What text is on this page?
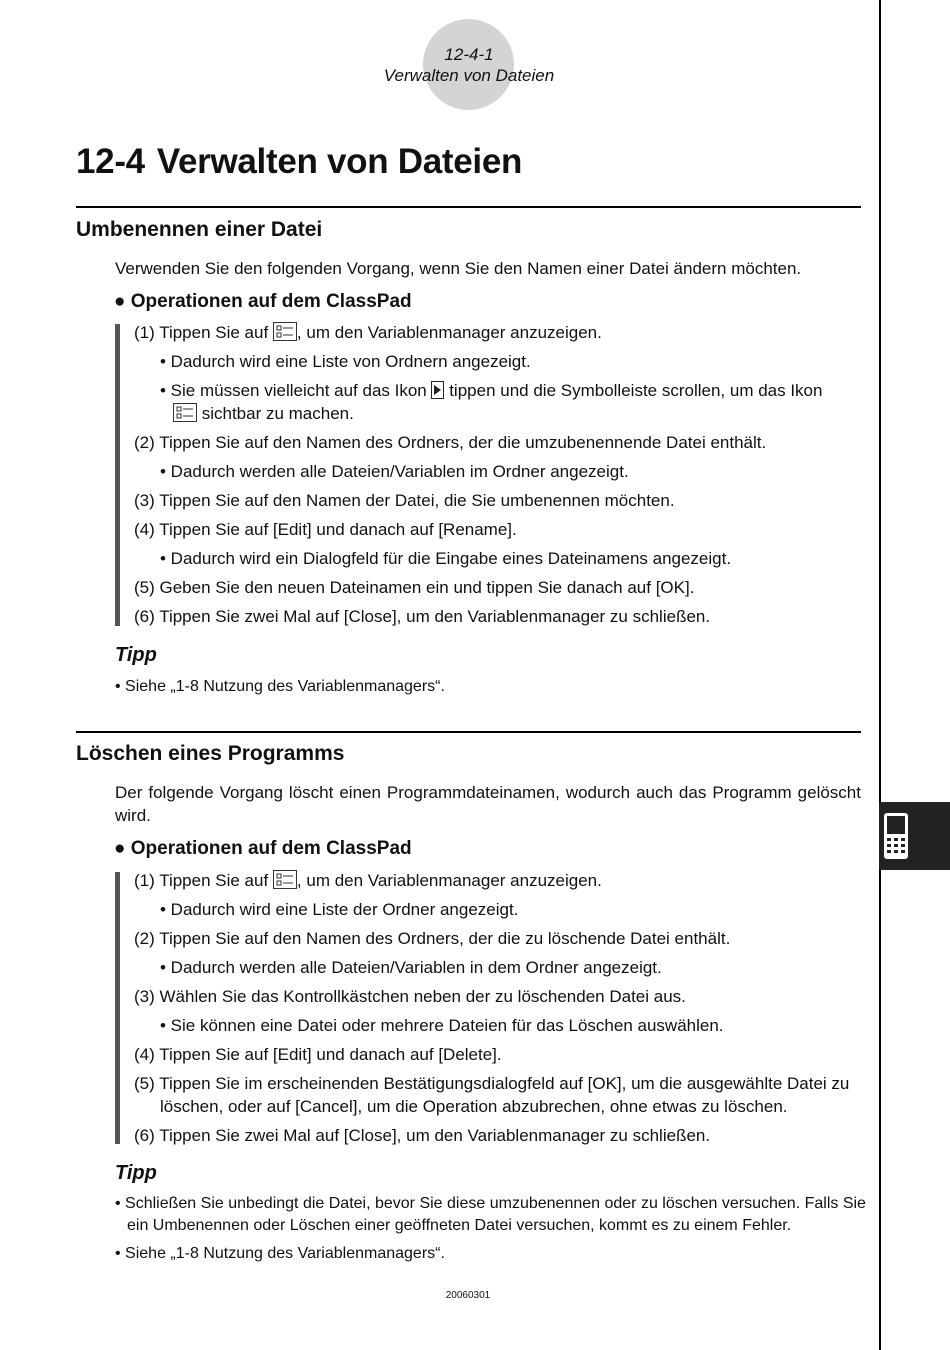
12-4-1
Verwalten von Dateien
12-4 Verwalten von Dateien
Umbenennen einer Datei
Verwenden Sie den folgenden Vorgang, wenn Sie den Namen einer Datei ändern möchten.
● Operationen auf dem ClassPad
(1) Tippen Sie auf , um den Variablenmanager anzuzeigen.
• Dadurch wird eine Liste von Ordnern angezeigt.
• Sie müssen vielleicht auf das Ikon  tippen und die Symbolleiste scrollen, um das Ikon
sichtbar zu machen.
(2) Tippen Sie auf den Namen des Ordners, der die umzubenennende Datei enthält.
• Dadurch werden alle Dateien/Variablen im Ordner angezeigt.
(3) Tippen Sie auf den Namen der Datei, die Sie umbenennen möchten.
(4) Tippen Sie auf [Edit] und danach auf [Rename].
• Dadurch wird ein Dialogfeld für die Eingabe eines Dateinamens angezeigt.
(5) Geben Sie den neuen Dateinamen ein und tippen Sie danach auf [OK].
(6) Tippen Sie zwei Mal auf [Close], um den Variablenmanager zu schließen.
Tipp
• Siehe „1-8 Nutzung des Variablenmanagers“.
Löschen eines Programms
Der folgende Vorgang löscht einen Programmdateinamen, wodurch auch das Programm gelöscht wird.
● Operationen auf dem ClassPad
(1) Tippen Sie auf , um den Variablenmanager anzuzeigen.
• Dadurch wird eine Liste der Ordner angezeigt.
(2) Tippen Sie auf den Namen des Ordners, der die zu löschende Datei enthält.
• Dadurch werden alle Dateien/Variablen in dem Ordner angezeigt.
(3) Wählen Sie das Kontrollkästchen neben der zu löschenden Datei aus.
• Sie können eine Datei oder mehrere Dateien für das Löschen auswählen.
(4) Tippen Sie auf [Edit] und danach auf [Delete].
(5) Tippen Sie im erscheinenden Bestätigungsdialogfeld auf [OK], um die ausgewählte Datei zu löschen, oder auf [Cancel], um die Operation abzubrechen, ohne etwas zu löschen.
(6) Tippen Sie zwei Mal auf [Close], um den Variablenmanager zu schließen.
Tipp
• Schließen Sie unbedingt die Datei, bevor Sie diese umzubenennen oder zu löschen versuchen. Falls Sie ein Umbenennen oder Löschen einer geöffneten Datei versuchen, kommt es zu einem Fehler.
• Siehe „1-8 Nutzung des Variablenmanagers“.
20060301
